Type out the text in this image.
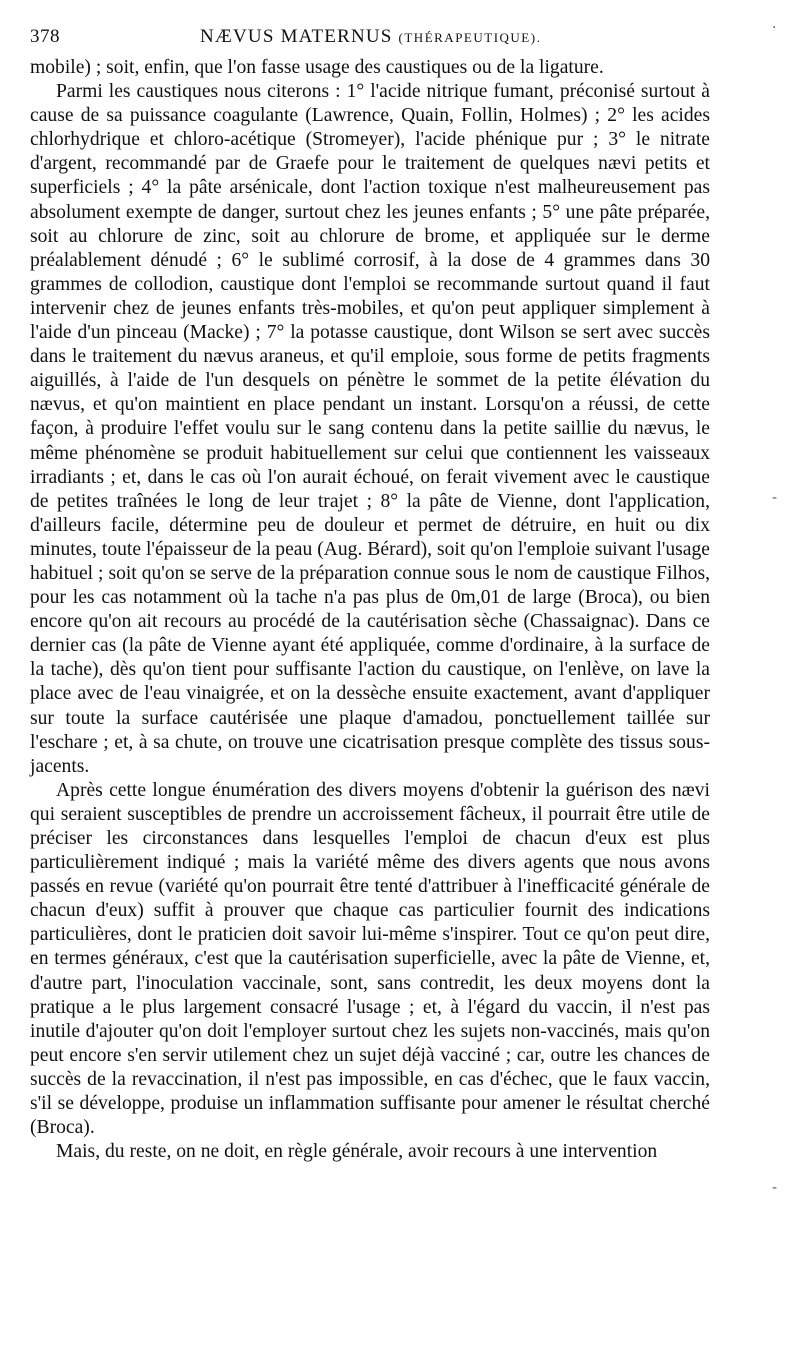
378	NÆVUS MATERNUS (THÉRAPEUTIQUE).

mobile) ; soit, enfin, que l'on fasse usage des caustiques ou de la ligature.

Parmi les caustiques nous citerons : 1° l'acide nitrique fumant, préconisé surtout à cause de sa puissance coagulante (Lawrence, Quain, Follin, Holmes) ; 2° les acides chlorhydrique et chloro-acétique (Stromeyer), l'acide phénique pur ; 3° le nitrate d'argent, recommandé par de Graefe pour le traitement de quelques nævi petits et superficiels ; 4° la pâte arsénicale, dont l'action toxique n'est malheureusement pas absolument exempte de danger, surtout chez les jeunes enfants ; 5° une pâte préparée, soit au chlorure de zinc, soit au chlorure de brome, et appliquée sur le derme préalablement dénudé ; 6° le sublimé corrosif, à la dose de 4 grammes dans 30 grammes de collodion, caustique dont l'emploi se recommande surtout quand il faut intervenir chez de jeunes enfants très-mobiles, et qu'on peut appliquer simplement à l'aide d'un pinceau (Macke) ; 7° la potasse caustique, dont Wilson se sert avec succès dans le traitement du nævus araneus, et qu'il emploie, sous forme de petits fragments aiguillés, à l'aide de l'un desquels on pénètre le sommet de la petite élévation du nævus, et qu'on maintient en place pendant un instant. Lorsqu'on a réussi, de cette façon, à produire l'effet voulu sur le sang contenu dans la petite saillie du nævus, le même phénomène se produit habituellement sur celui que contiennent les vaisseaux irradiants ; et, dans le cas où l'on aurait échoué, on ferait vivement avec le caustique de petites traînées le long de leur trajet ; 8° la pâte de Vienne, dont l'application, d'ailleurs facile, détermine peu de douleur et permet de détruire, en huit ou dix minutes, toute l'épaisseur de la peau (Aug. Bérard), soit qu'on l'emploie suivant l'usage habituel ; soit qu'on se serve de la préparation connue sous le nom de caustique Filhos, pour les cas notamment où la tache n'a pas plus de 0m,01 de large (Broca), ou bien encore qu'on ait recours au procédé de la cautérisation sèche (Chassaignac). Dans ce dernier cas (la pâte de Vienne ayant été appliquée, comme d'ordinaire, à la surface de la tache), dès qu'on tient pour suffisante l'action du caustique, on l'enlève, on lave la place avec de l'eau vinaigrée, et on la dessèche ensuite exactement, avant d'appliquer sur toute la surface cautérisée une plaque d'amadou, ponctuellement taillée sur l'eschare ; et, à sa chute, on trouve une cicatrisation presque complète des tissus sous-jacents.

Après cette longue énumération des divers moyens d'obtenir la guérison des nævi qui seraient susceptibles de prendre un accroissement fâcheux, il pourrait être utile de préciser les circonstances dans lesquelles l'emploi de chacun d'eux est plus particulièrement indiqué ; mais la variété même des divers agents que nous avons passés en revue (variété qu'on pourrait être tenté d'attribuer à l'inefficacité générale de chacun d'eux) suffit à prouver que chaque cas particulier fournit des indications particulières, dont le praticien doit savoir lui-même s'inspirer. Tout ce qu'on peut dire, en termes généraux, c'est que la cautérisation superficielle, avec la pâte de Vienne, et, d'autre part, l'inoculation vaccinale, sont, sans contredit, les deux moyens dont la pratique a le plus largement consacré l'usage ; et, à l'égard du vaccin, il n'est pas inutile d'ajouter qu'on doit l'employer surtout chez les sujets non-vaccinés, mais qu'on peut encore s'en servir utilement chez un sujet déjà vacciné ; car, outre les chances de succès de la revaccination, il n'est pas impossible, en cas d'échec, que le faux vaccin, s'il se développe, produise un inflammation suffisante pour amener le résultat cherché (Broca).

Mais, du reste, on ne doit, en règle générale, avoir recours à une intervention

·
-
-
